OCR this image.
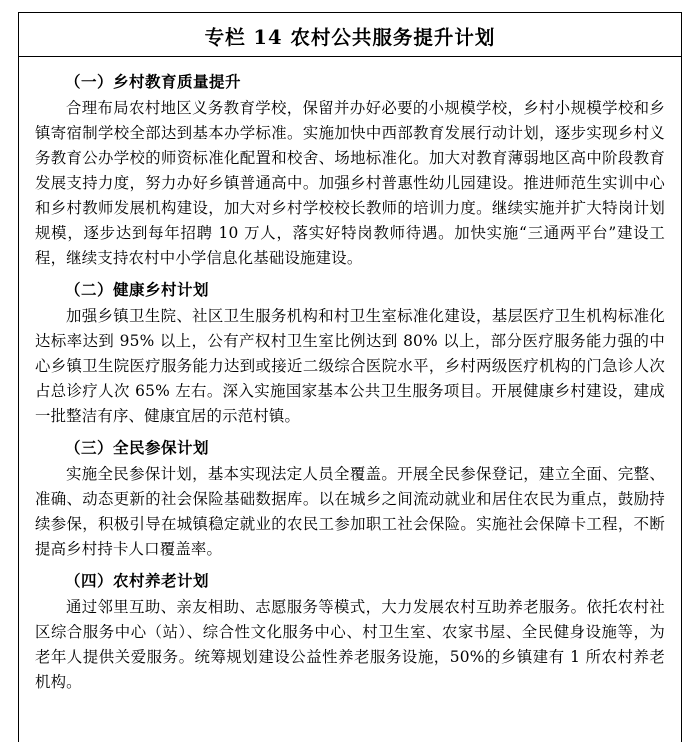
专栏 14 农村公共服务提升计划
（一）乡村教育质量提升

合理布局农村地区义务教育学校，保留并办好必要的小规模学校，乡村小规模学校和乡镇寄宿制学校全部达到基本办学标准。实施加快中西部教育发展行动计划，逐步实现乡村义务教育公办学校的师资标准化配置和校舍、场地标准化。加大对教育薄弱地区高中阶段教育发展支持力度，努力办好乡镇普通高中。加强乡村普惠性幼儿园建设。推进师范生实训中心和乡村教师发展机构建设，加大对乡村学校校长教师的培训力度。继续实施并扩大特岗计划规模，逐步达到每年招聘 10 万人，落实好特岗教师待遇。加快实施“三通两平台”建设工程，继续支持农村中小学信息化基础设施建设。

（二）健康乡村计划

加强乡镇卫生院、社区卫生服务机构和村卫生室标准化建设，基层医疗卫生机构标准化达标率达到 95% 以上，公有产权村卫生室比例达到 80% 以上，部分医疗服务能力强的中心乡镇卫生院医疗服务能力达到或接近二级综合医院水平，乡村两级医疗机构的门急诊人次占总诊疗人次 65% 左右。深入实施国家基本公共卫生服务项目。开展健康乡村建设，建成一批整洁有序、健康宜居的示范村镇。

（三）全民参保计划

实施全民参保计划，基本实现法定人员全覆盖。开展全民参保登记，建立全面、完整、准确、动态更新的社会保险基础数据库。以在城乡之间流动就业和居住农民为重点，鼓励持续参保，积极引导在城镇稳定就业的农民工参加职工社会保险。实施社会保障卡工程，不断提高乡村持卡人口覆盖率。

（四）农村养老计划

通过邻里互助、亲友相助、志愿服务等模式，大力发展农村互助养老服务。依托农村社区综合服务中心（站）、综合性文化服务中心、村卫生室、农家书屋、全民健身设施等，为老年人提供关爱服务。统筹规划建设公益性养老服务设施，50%的乡镇建有 1 所农村养老机构。
